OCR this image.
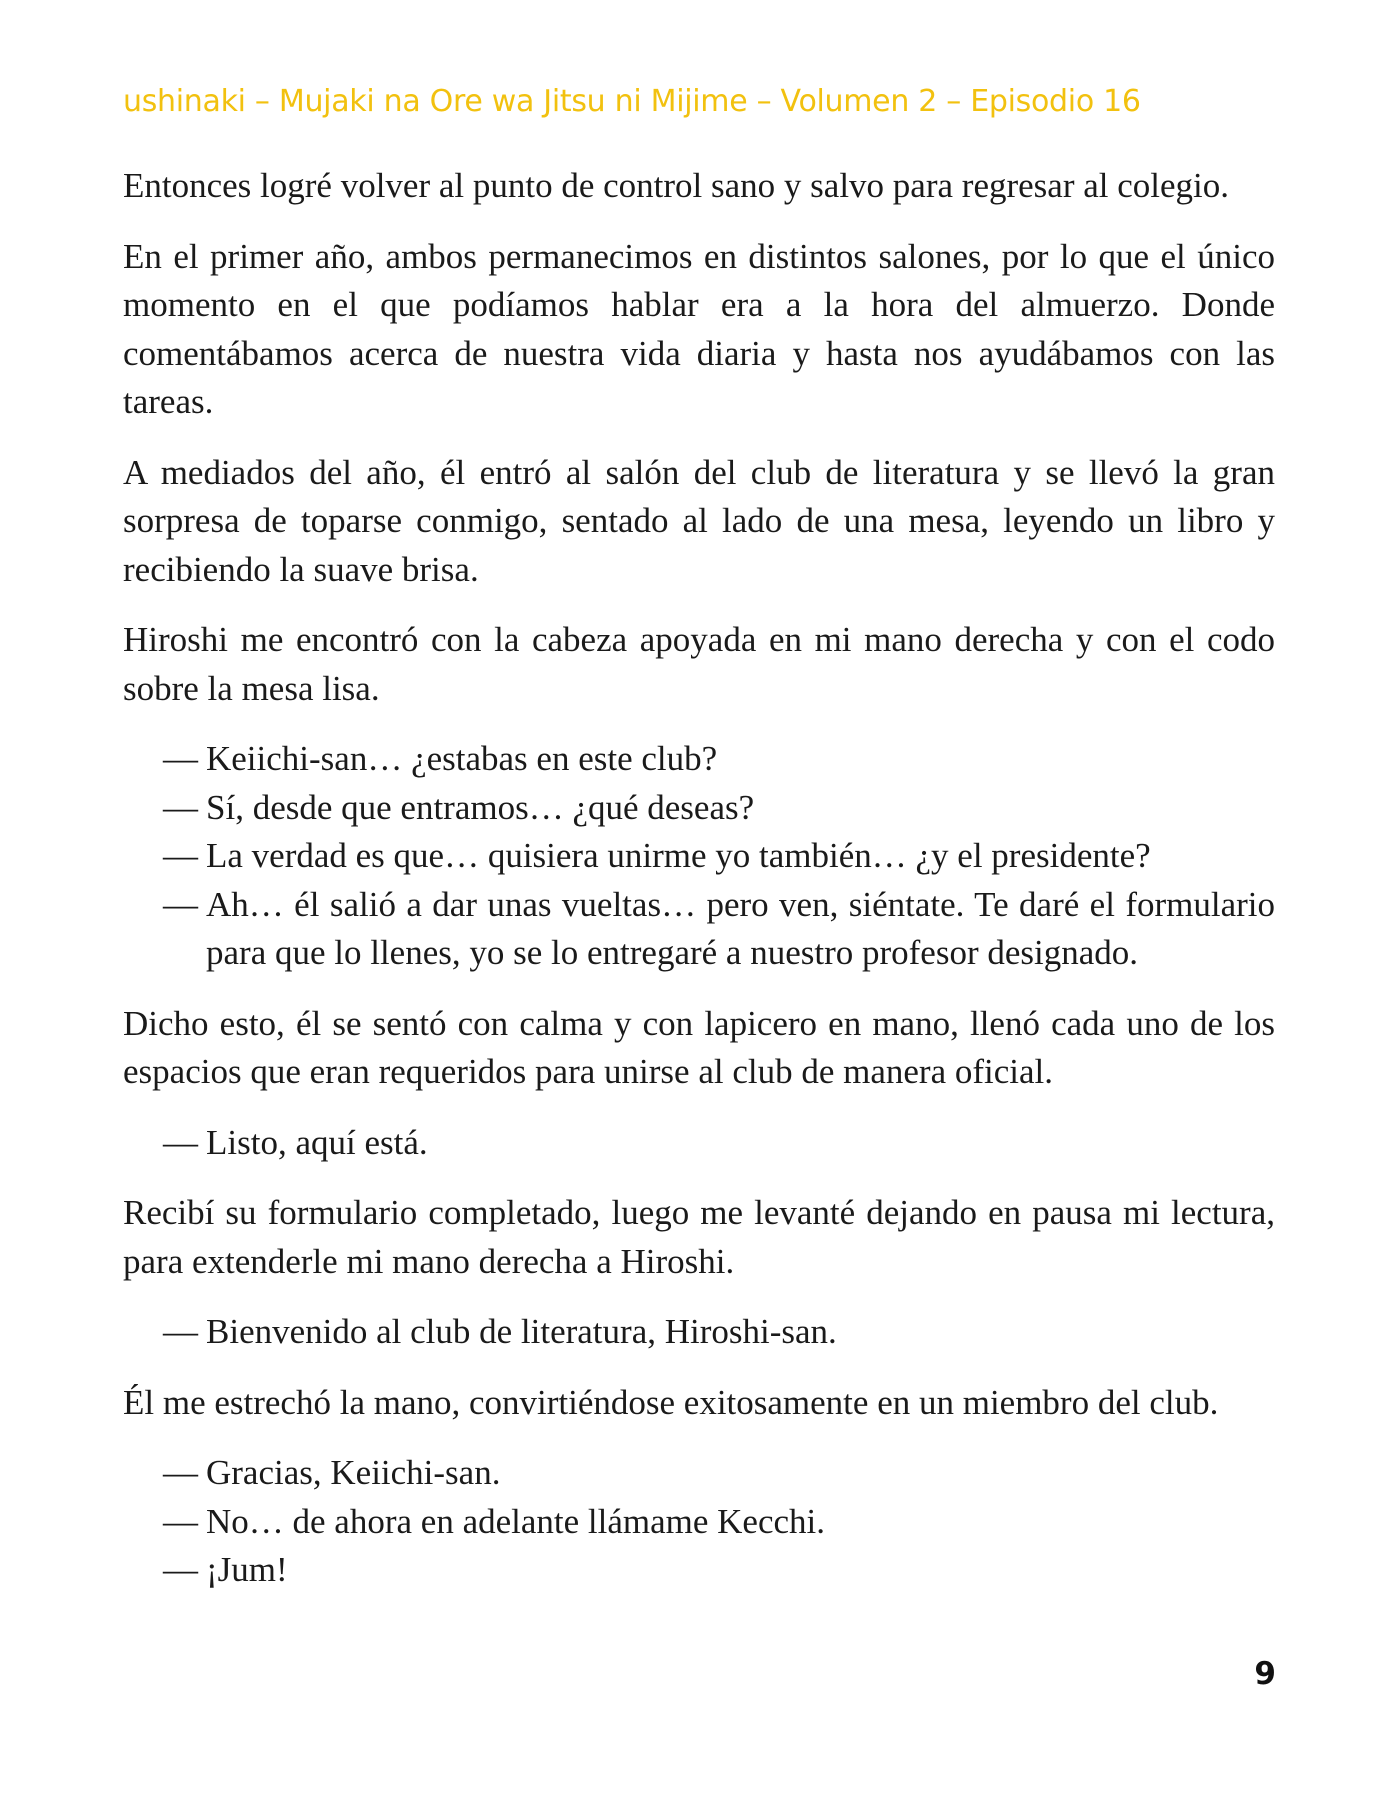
ushinaki – Mujaki na Ore wa Jitsu ni Mijime – Volumen 2 – Episodio 16

Entonces logré volver al punto de control sano y salvo para regresar al colegio.

En el primer año, ambos permanecimos en distintos salones, por lo que el único momento en el que podíamos hablar era a la hora del almuerzo. Donde comentábamos acerca de nuestra vida diaria y hasta nos ayudábamos con las tareas.

A mediados del año, él entró al salón del club de literatura y se llevó la gran sorpresa de toparse conmigo, sentado al lado de una mesa, leyendo un libro y recibiendo la suave brisa.

Hiroshi me encontró con la cabeza apoyada en mi mano derecha y con el codo sobre la mesa lisa.

— Keiichi-san… ¿estabas en este club?
— Sí, desde que entramos… ¿qué deseas?
— La verdad es que… quisiera unirme yo también… ¿y el presidente?
— Ah… él salió a dar unas vueltas… pero ven, siéntate. Te daré el formulario para que lo llenes, yo se lo entregaré a nuestro profesor designado.

Dicho esto, él se sentó con calma y con lapicero en mano, llenó cada uno de los espacios que eran requeridos para unirse al club de manera oficial.

— Listo, aquí está.

Recibí su formulario completado, luego me levanté dejando en pausa mi lectura, para extenderle mi mano derecha a Hiroshi.

— Bienvenido al club de literatura, Hiroshi-san.

Él me estrechó la mano, convirtiéndose exitosamente en un miembro del club.

— Gracias, Keiichi-san.
— No… de ahora en adelante llámame Kecchi.
— ¡Jum!
9
